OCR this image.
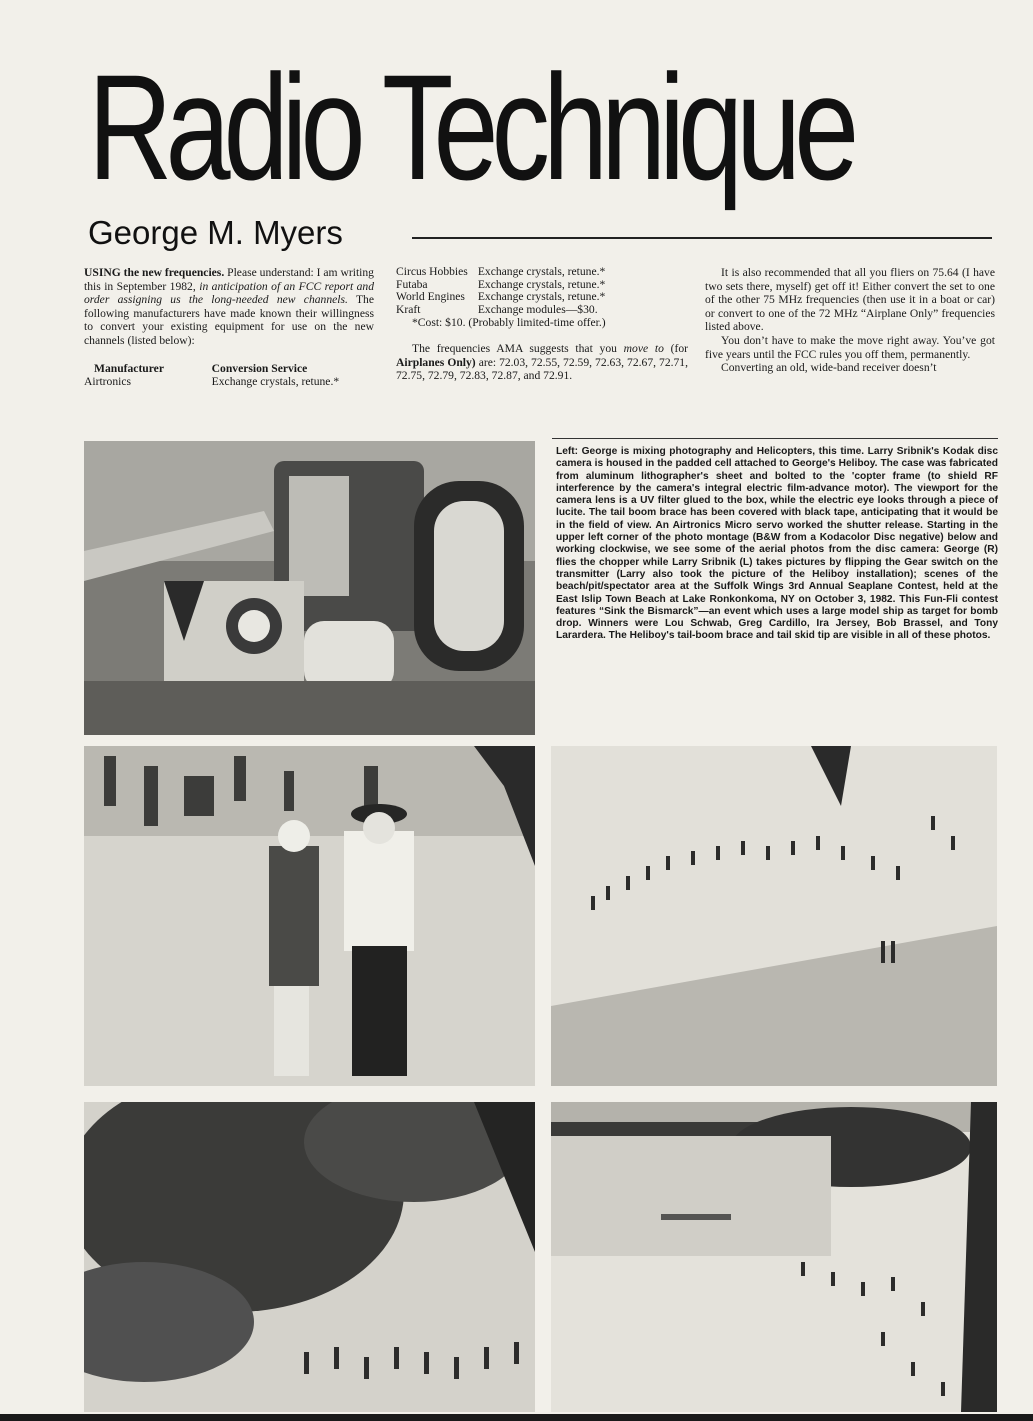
Radio Technique
George M. Myers

USING the new frequencies. Please understand: I am writing this in September 1982, in anticipation of an FCC report and order assigning us the long-needed new channels. The following manufacturers have made known their willingness to convert your existing equipment for use on the new channels (listed below):

Manufacturer	Conversion Service
Airtronics	Exchange crystals, retune.*
Circus Hobbies	Exchange crystals, retune.*
Futaba	Exchange crystals, retune.*
World Engines	Exchange crystals, retune.*
Kraft	Exchange modules—$30.

*Cost: $10. (Probably limited-time offer.)

The frequencies AMA suggests that you move to (for Airplanes Only) are: 72.03, 72.55, 72.59, 72.63, 72.67, 72.71, 72.75, 72.79, 72.83, 72.87, and 72.91.

It is also recommended that all you fliers on 75.64 (I have two sets there, myself) get off it! Either convert the set to one of the other 75 MHz frequencies (then use it in a boat or car) or convert to one of the 72 MHz “Airplane Only” frequencies listed above.

You don’t have to make the move right away. You’ve got five years until the FCC rules you off them, permanently.

Converting an old, wide-band receiver doesn’t

Left: George is mixing photography and Helicopters, this time. Larry Sribnik's Kodak disc camera is housed in the padded cell attached to George's Heliboy. The case was fabricated from aluminum lithographer's sheet and bolted to the 'copter frame (to shield RF interference by the camera's integral electric film-advance motor). The viewport for the camera lens is a UV filter glued to the box, while the electric eye looks through a piece of lucite. The tail boom brace has been covered with black tape, anticipating that it would be in the field of view. An Airtronics Micro servo worked the shutter release. Starting in the upper left corner of the photo montage (B&W from a Kodacolor Disc negative) below and working clockwise, we see some of the aerial photos from the disc camera: George (R) flies the chopper while Larry Sribnik (L) takes pictures by flipping the Gear switch on the transmitter (Larry also took the picture of the Heliboy installation); scenes of the beach/pit/spectator area at the Suffolk Wings 3rd Annual Seaplane Contest, held at the East Islip Town Beach at Lake Ronkonkoma, NY on October 3, 1982. This Fun-Fli contest features “Sink the Bismarck”—an event which uses a large model ship as target for bomb drop. Winners were Lou Schwab, Greg Cardillo, Ira Jersey, Bob Brassel, and Tony Larardera. The Heliboy's tail-boom brace and tail skid tip are visible in all of these photos.
